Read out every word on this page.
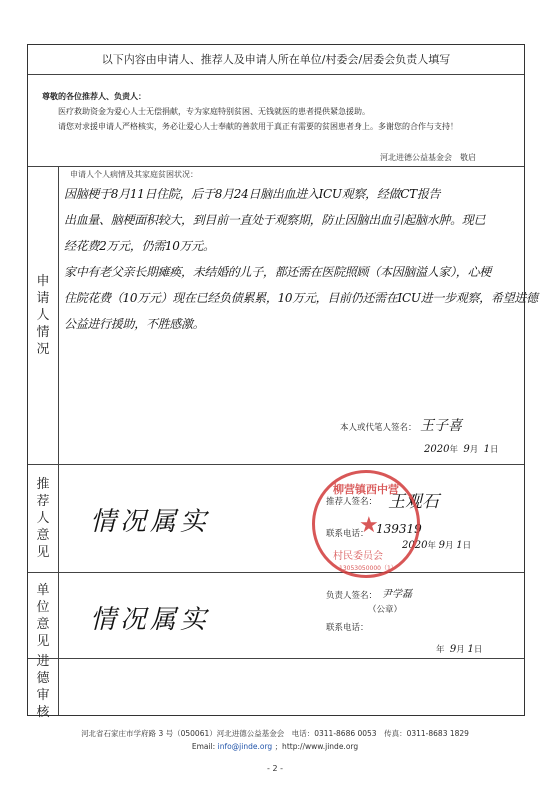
以下内容由申请人、推荐人及申请人所在单位/村委会/居委会负责人填写

尊敬的各位推荐人、负责人：

医疗救助资金为爱心人士无偿捐献，专为家庭特别贫困、无钱就医的患者提供紧急援助。

请您对求援申请人严格核实，务必让爱心人士奉献的善款用于真正有需要的贫困患者身上。多谢您的合作与支持！

河北进德公益基金会　敬启
申
请
人
情
况
申请人个人病情及其家庭贫困状况：
因脑梗于8月11日住院，后于8月24日脑出血进入ICU观察，经做CT报告
出血量、脑梗面积较大，到目前一直处于观察期，防止因脑出血引起脑水肿。现已
经花费2万元，仍需10万元。
家中有老父亲长期瘫痪，未结婚的儿子，都还需在医院照顾（本因脑溢人家），心梗
住院花费（10万元）现在已经负债累累，10万元，目前仍还需在ICU进一步观察，希望进德
公益进行援助，不胜感激。
本人或代笔人签名： 王子喜
2020年 9月 1日
推
荐
人
意
见
情况属实
推荐人签名： 王观石
联系电话： 139319
2020年 9月 1日
单
位
意
见
情况属实
负责人签名： 尹学磊
（公章）
联系电话：
年 9月 1日
进
德
审
核
柳营镇西中营
★
村民委员会
13053050000（1）
河北省石家庄市学府路 3 号（050061）河北进德公益基金会　电话：0311-8686 0053　传真：0311-8683 1829
Email: info@jinde.org ；http://www.jinde.org
- 2 -
